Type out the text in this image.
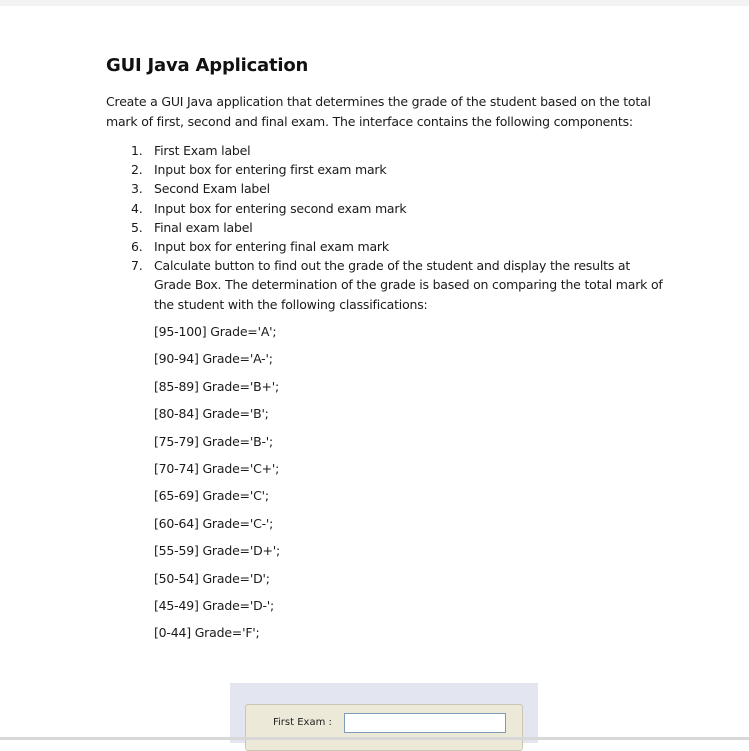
GUI Java Application

Create a GUI Java application that determines the grade of the student based on the total mark of first, second and final exam. The interface contains the following components:

1. First Exam label
2. Input box for entering first exam mark
3. Second Exam label
4. Input box for entering second exam mark
5. Final exam label
6. Input box for entering final exam mark
7. Calculate button to find out the grade of the student and display the results at Grade Box. The determination of the grade is based on comparing the total mark of the student with the following classifications:
[95-100] Grade='A';
[90-94] Grade='A-';
[85-89] Grade='B+';
[80-84] Grade='B';
[75-79] Grade='B-';
[70-74] Grade='C+';
[65-69] Grade='C';
[60-64] Grade='C-';
[55-59] Grade='D+';
[50-54] Grade='D';
[45-49] Grade='D-';
[0-44] Grade='F';
First Exam :
